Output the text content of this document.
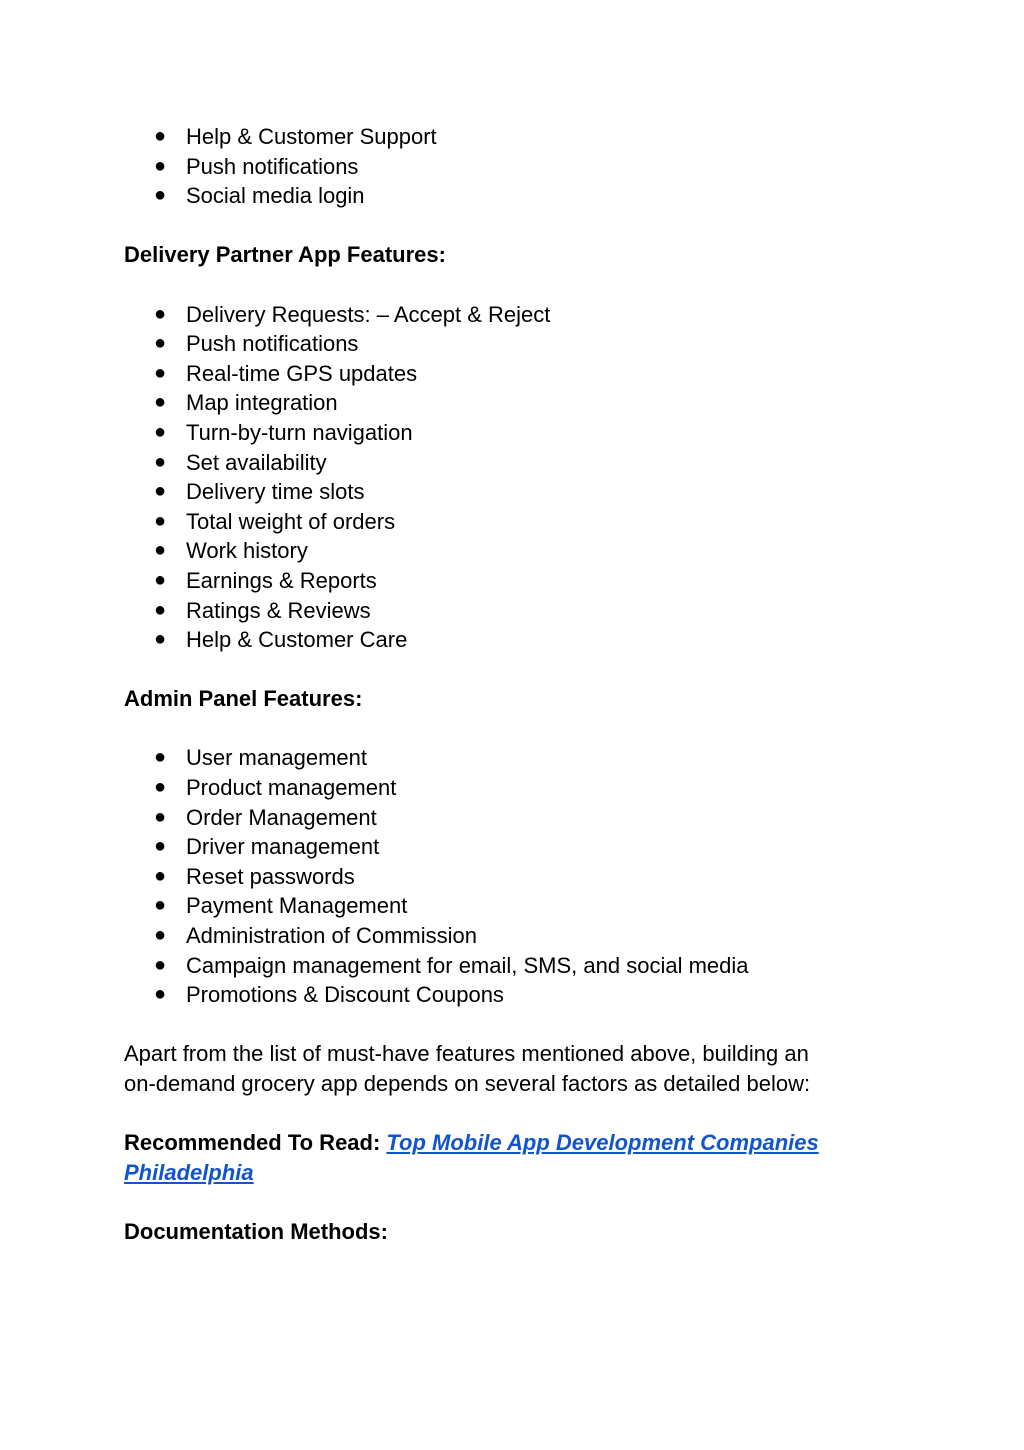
● Help & Customer Support
● Push notifications
● Social media login

Delivery Partner App Features:

● Delivery Requests: – Accept & Reject
● Push notifications
● Real-time GPS updates
● Map integration
● Turn-by-turn navigation
● Set availability
● Delivery time slots
● Total weight of orders
● Work history
● Earnings & Reports
● Ratings & Reviews
● Help & Customer Care

Admin Panel Features:

● User management
● Product management
● Order Management
● Driver management
● Reset passwords
● Payment Management
● Administration of Commission
● Campaign management for email, SMS, and social media
● Promotions & Discount Coupons

Apart from the list of must-have features mentioned above, building an
on-demand grocery app depends on several factors as detailed below:

Recommended To Read: Top Mobile App Development Companies
Philadelphia

Documentation Methods:
